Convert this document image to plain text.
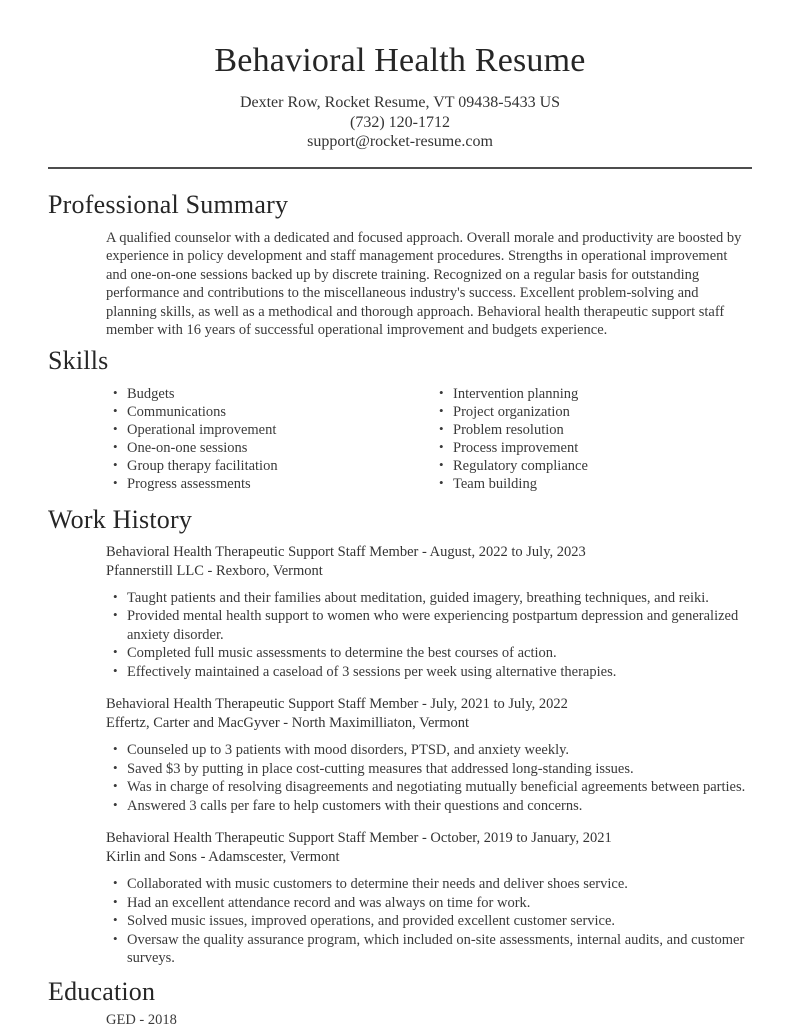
Behavioral Health Resume

Dexter Row, Rocket Resume, VT 09438-5433 US

(732) 120-1712

support@rocket-resume.com

Professional Summary

A qualified counselor with a dedicated and focused approach. Overall morale and productivity are boosted by experience in policy development and staff management procedures. Strengths in operational improvement and one-on-one sessions backed up by discrete training. Recognized on a regular basis for outstanding performance and contributions to the miscellaneous industry's success. Excellent problem-solving and planning skills, as well as a methodical and thorough approach. Behavioral health therapeutic support staff member with 16 years of successful operational improvement and budgets experience.

Skills
• Budgets
• Communications
• Operational improvement
• One-on-one sessions
• Group therapy facilitation
• Progress assessments
• Intervention planning
• Project organization
• Problem resolution
• Process improvement
• Regulatory compliance
• Team building
Work History
Behavioral Health Therapeutic Support Staff Member - August, 2022 to July, 2023
Pfannerstill LLC - Rexboro, Vermont
• Taught patients and their families about meditation, guided imagery, breathing techniques, and reiki.
• Provided mental health support to women who were experiencing postpartum depression and generalized anxiety disorder.
• Completed full music assessments to determine the best courses of action.
• Effectively maintained a caseload of 3 sessions per week using alternative therapies.
Behavioral Health Therapeutic Support Staff Member - July, 2021 to July, 2022
Effertz, Carter and MacGyver - North Maximilliaton, Vermont
• Counseled up to 3 patients with mood disorders, PTSD, and anxiety weekly.
• Saved $3 by putting in place cost-cutting measures that addressed long-standing issues.
• Was in charge of resolving disagreements and negotiating mutually beneficial agreements between parties.
• Answered 3 calls per fare to help customers with their questions and concerns.
Behavioral Health Therapeutic Support Staff Member - October, 2019 to January, 2021
Kirlin and Sons - Adamscester, Vermont
• Collaborated with music customers to determine their needs and deliver shoes service.
• Had an excellent attendance record and was always on time for work.
• Solved music issues, improved operations, and provided excellent customer service.
• Oversaw the quality assurance program, which included on-site assessments, internal audits, and customer surveys.
Education

GED - 2018
